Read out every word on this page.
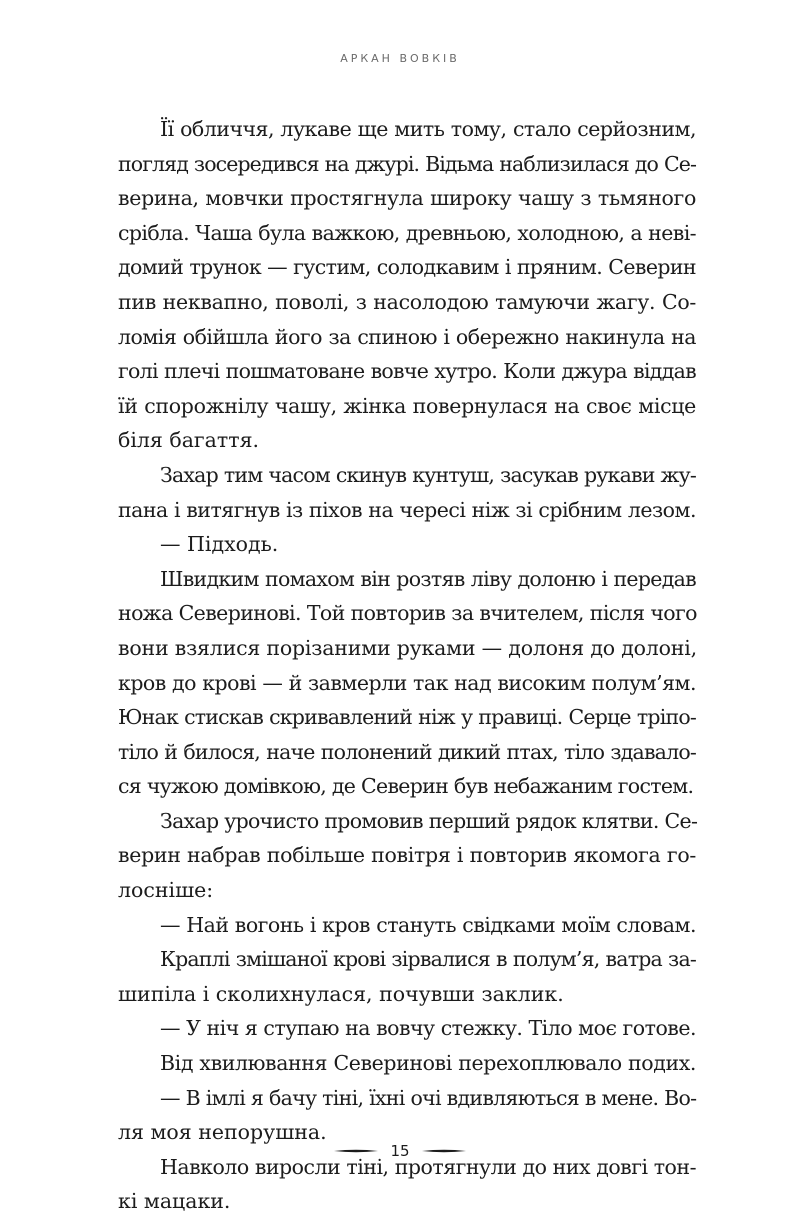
АРКАН ВОВКІВ
Її обличчя, лукаве ще мить тому, стало серйозним,
погляд зосередився на джурі. Відьма наблизилася до Се-
верина, мовчки простягнула широку чашу з тьмяного
срібла. Чаша була важкою, древньою, холодною, а неві-
домий трунок — густим, солодкавим і пряним. Северин
пив неквапно, поволі, з насолодою тамуючи жагу. Со-
ломія обійшла його за спиною і обережно накинула на
голі плечі пошматоване вовче хутро. Коли джура віддав
їй спорожнілу чашу, жінка повернулася на своє місце
біля багаття.
Захар тим часом скинув кунтуш, засукав рукави жу-
пана і витягнув із піхов на чересі ніж зі срібним лезом.
— Підходь.
Швидким помахом він розтяв ліву долоню і передав
ножа Северинові. Той повторив за вчителем, після чого
вони взялися порізаними руками — долоня до долоні,
кров до крові — й завмерли так над високим полум’ям.
Юнак стискав скривавлений ніж у правиці. Серце тріпо-
тіло й билося, наче полонений дикий птах, тіло здавало-
ся чужою домівкою, де Северин був небажаним гостем.
Захар урочисто промовив перший рядок клятви. Се-
верин набрав побільше повітря і повторив якомога го-
лосніше:
— Най вогонь і кров стануть свідками моїм словам.
Краплі змішаної крові зірвалися в полум’я, ватра за-
шипіла і сколихнулася, почувши заклик.
— У ніч я ступаю на вовчу стежку. Тіло моє готове.
Від хвилювання Северинові перехоплювало подих.
— В імлі я бачу тіні, їхні очі вдивляються в мене. Во-
ля моя непорушна.
Навколо виросли тіні, протягнули до них довгі тон-
кі мацаки.
15
